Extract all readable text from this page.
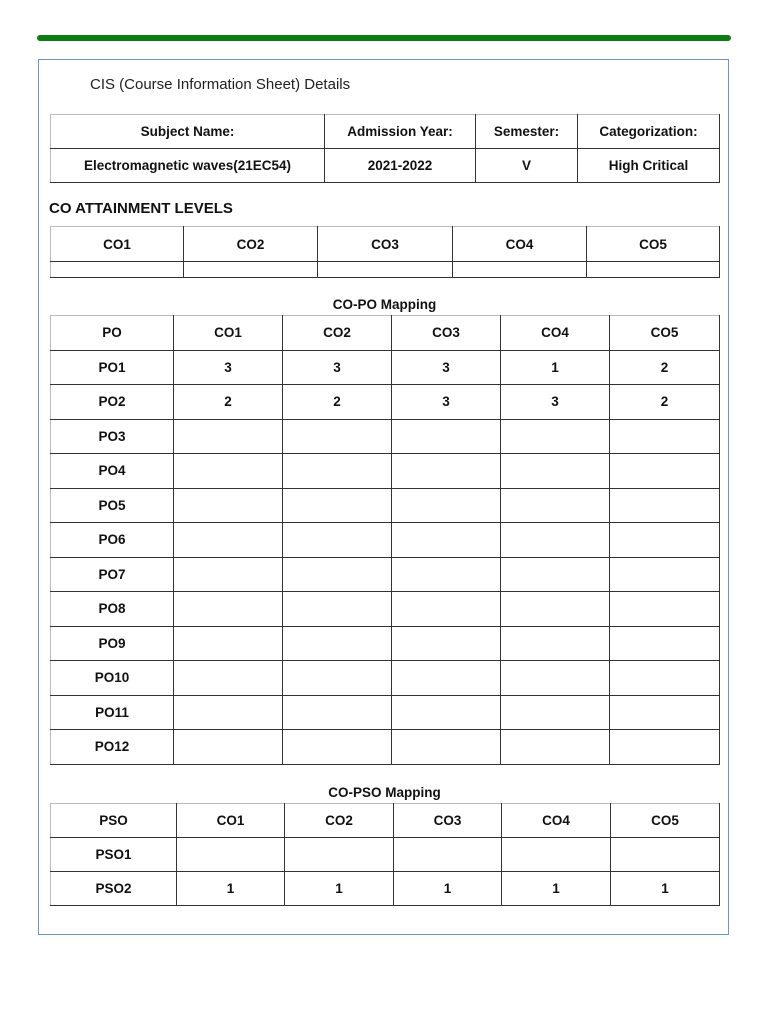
CIS (Course Information Sheet) Details
Subject Name:	Admission Year:	Semester:	Categorization:
Electromagnetic waves(21EC54)	2021-2022	V	High Critical
CO ATTAINMENT LEVELS
CO1	CO2	CO3	CO4	CO5

CO-PO Mapping
PO	CO1	CO2	CO3	CO4	CO5
PO1	3	3	3	1	2
PO2	2	2	3	3	2
PO3					
PO4					
PO5					
PO6					
PO7					
PO8					
PO9					
PO10					
PO11					
PO12					
CO-PSO Mapping
PSO	CO1	CO2	CO3	CO4	CO5
PSO1					
PSO2	1	1	1	1	1
